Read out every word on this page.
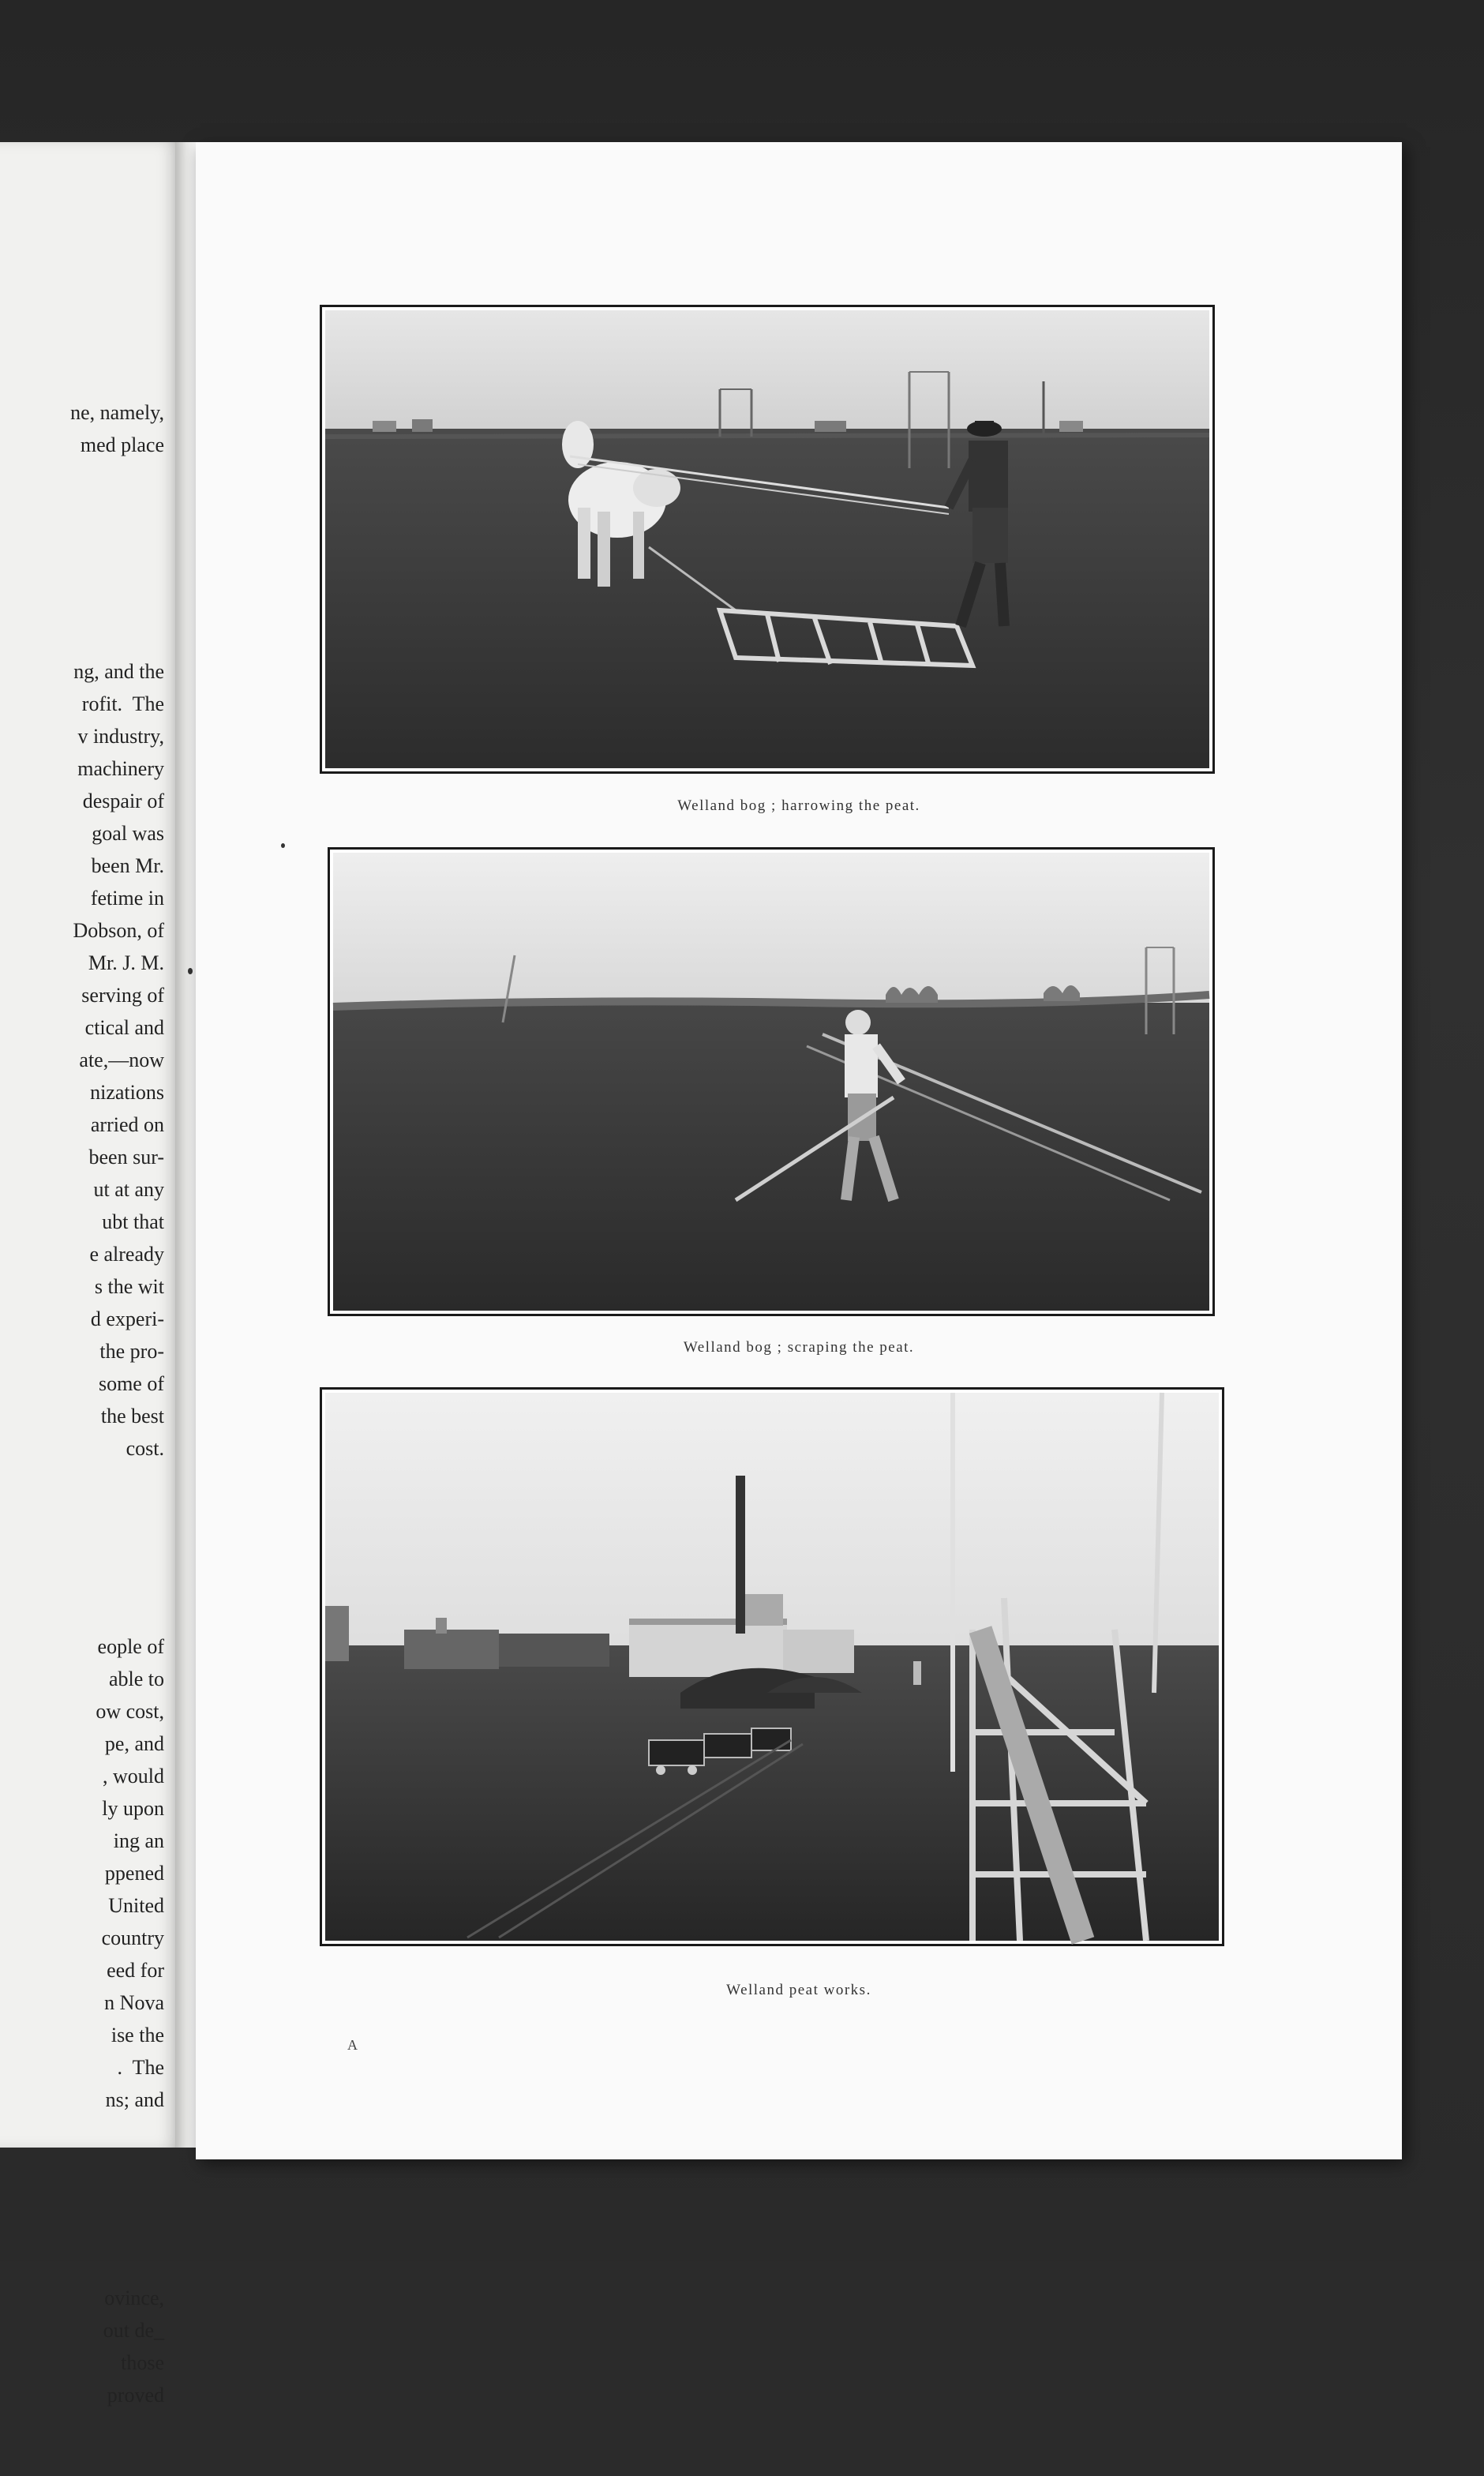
ne, namely,
med place

ng, and the
rofit.  The
v industry,
machinery
despair of
goal was
been Mr.
fetime in
Dobson, of
Mr. J. M.
serving of
ctical and
ate,—now
nizations
arried on
been sur-
ut at any
ubt that
e already
s the wit
d experi-
the pro-
some of
the best
cost.

eople of
able to
ow cost,
pe, and
, would
ly upon
ing an
ppened
United
country
eed for
n Nova
ise the
.  The
ns; and

ovince,
out de_
those
proved

Welland bog ; harrowing the peat.
Welland bog ; scraping the peat.
Welland peat works.
A
